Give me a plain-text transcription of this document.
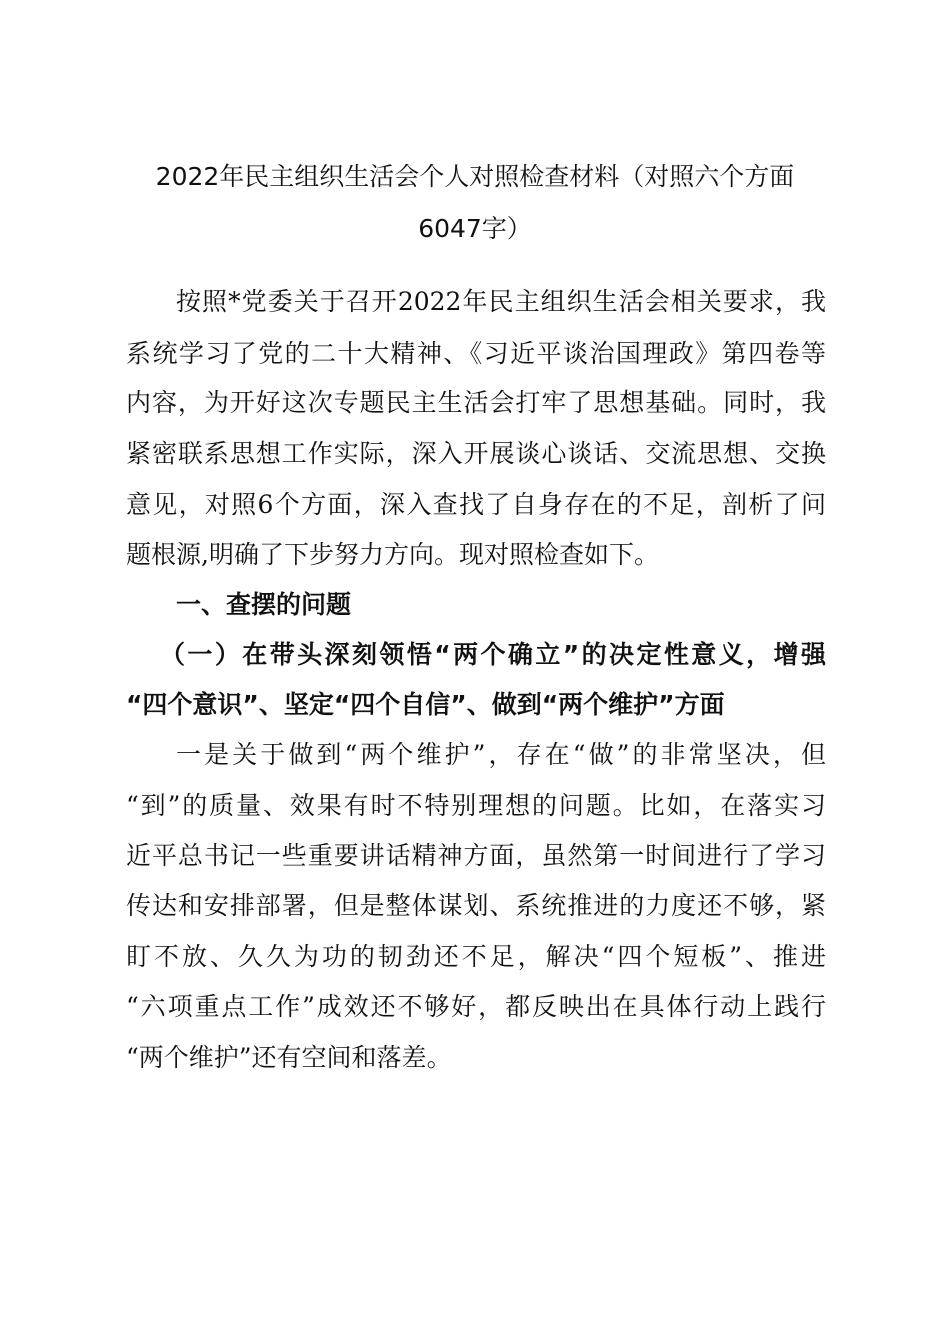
2022年民主组织生活会个人对照检查材料（对照六个方面
6047字）
按照*党委关于召开2022年民主组织生活会相关要求，我
系统学习了党的二十大精神、《习近平谈治国理政》第四卷等
内容，为开好这次专题民主生活会打牢了思想基础。同时，我
紧密联系思想工作实际，深入开展谈心谈话、交流思想、交换
意见，对照6个方面，深入查找了自身存在的不足，剖析了问
题根源,明确了下步努力方向。现对照检查如下。
一、查摆的问题
（一）在带头深刻领悟“两个确立”的决定性意义，增强
“四个意识”、坚定“四个自信”、做到“两个维护”方面
一是关于做到“两个维护”，存在“做”的非常坚决，但
“到”的质量、效果有时不特别理想的问题。比如，在落实习
近平总书记一些重要讲话精神方面，虽然第一时间进行了学习
传达和安排部署，但是整体谋划、系统推进的力度还不够，紧
盯不放、久久为功的韧劲还不足，解决“四个短板”、推进
“六项重点工作”成效还不够好，都反映出在具体行动上践行
“两个维护”还有空间和落差。
